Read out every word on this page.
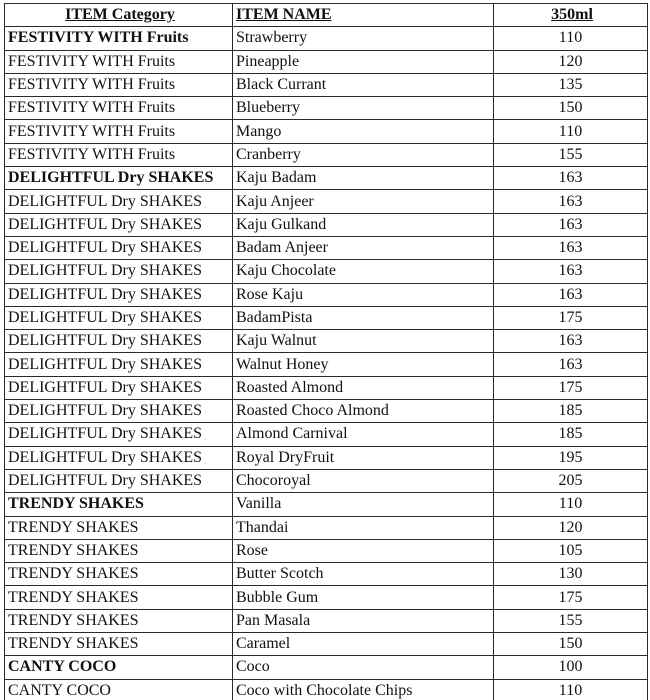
ITEM Category	ITEM NAME	350ml
FESTIVITY WITH Fruits	Strawberry	110
FESTIVITY WITH Fruits	Pineapple	120
FESTIVITY WITH Fruits	Black Currant	135
FESTIVITY WITH Fruits	Blueberry	150
FESTIVITY WITH Fruits	Mango	110
FESTIVITY WITH Fruits	Cranberry	155
DELIGHTFUL Dry SHAKES	Kaju Badam	163
DELIGHTFUL Dry SHAKES	Kaju Anjeer	163
DELIGHTFUL Dry SHAKES	Kaju Gulkand	163
DELIGHTFUL Dry SHAKES	Badam Anjeer	163
DELIGHTFUL Dry SHAKES	Kaju Chocolate	163
DELIGHTFUL Dry SHAKES	Rose Kaju	163
DELIGHTFUL Dry SHAKES	BadamPista	175
DELIGHTFUL Dry SHAKES	Kaju Walnut	163
DELIGHTFUL Dry SHAKES	Walnut Honey	163
DELIGHTFUL Dry SHAKES	Roasted Almond	175
DELIGHTFUL Dry SHAKES	Roasted Choco Almond	185
DELIGHTFUL Dry SHAKES	Almond Carnival	185
DELIGHTFUL Dry SHAKES	Royal DryFruit	195
DELIGHTFUL Dry SHAKES	Chocoroyal	205
TRENDY SHAKES	Vanilla	110
TRENDY SHAKES	Thandai	120
TRENDY SHAKES	Rose	105
TRENDY SHAKES	Butter Scotch	130
TRENDY SHAKES	Bubble Gum	175
TRENDY SHAKES	Pan Masala	155
TRENDY SHAKES	Caramel	150
CANTY COCO	Coco	100
CANTY COCO	Coco with Chocolate Chips	110
